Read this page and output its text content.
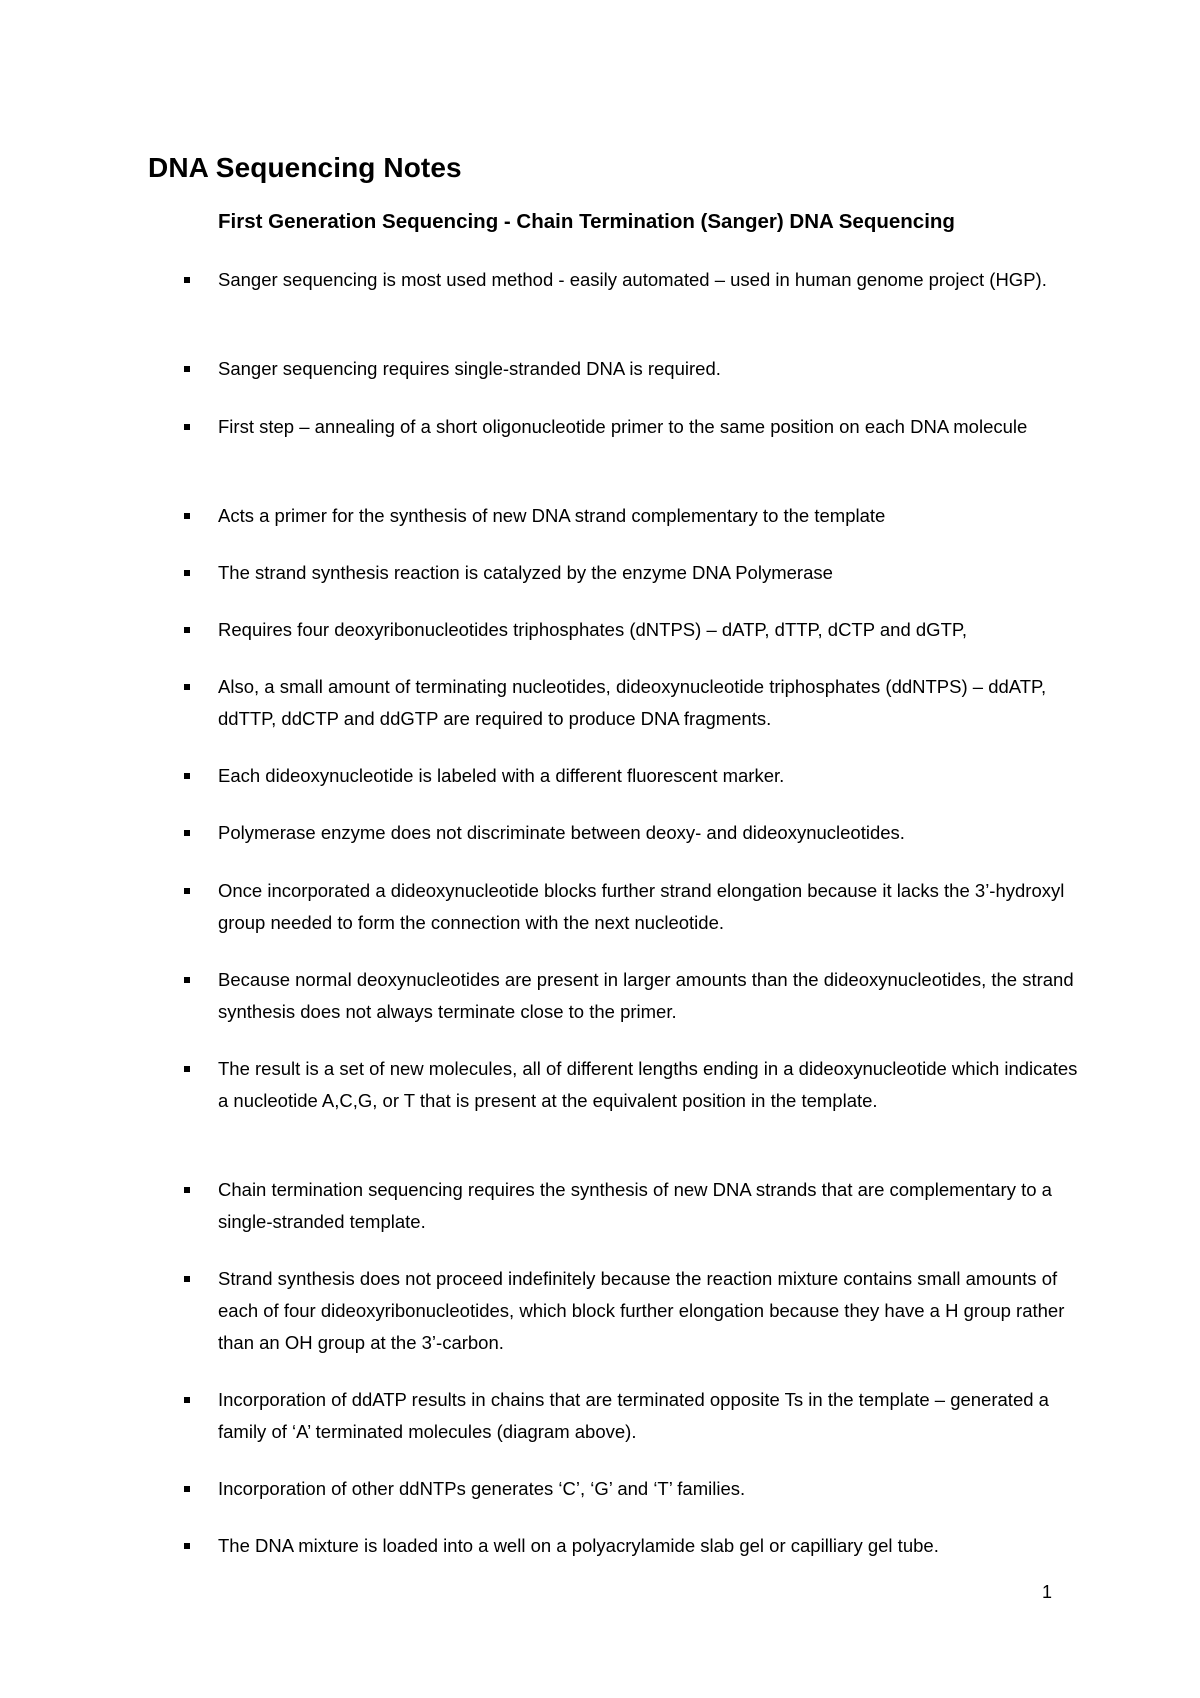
DNA Sequencing Notes
First Generation Sequencing - Chain Termination (Sanger) DNA Sequencing

Sanger sequencing is most used method - easily automated – used in human genome project (HGP).

Sanger sequencing requires single-stranded DNA is required.

First step – annealing of a short oligonucleotide primer to the same position on each DNA molecule

Acts a primer for the synthesis of new DNA strand complementary to the template

The strand synthesis reaction is catalyzed by the enzyme DNA Polymerase

Requires four deoxyribonucleotides triphosphates (dNTPS) – dATP, dTTP, dCTP and dGTP,

Also, a small amount of terminating nucleotides, dideoxynucleotide triphosphates (ddNTPS) – ddATP, ddTTP, ddCTP and ddGTP are required to produce DNA fragments.

Each dideoxynucleotide is labeled with a different fluorescent marker.

Polymerase enzyme does not discriminate between deoxy- and dideoxynucleotides.

Once incorporated a dideoxynucleotide blocks further strand elongation because it lacks the 3’-hydroxyl group needed to form the connection with the next nucleotide.

Because normal deoxynucleotides are present in larger amounts than the dideoxynucleotides, the strand synthesis does not always terminate close to the primer.

The result is a set of new molecules, all of different lengths ending in a dideoxynucleotide which indicates a nucleotide A,C,G, or T that is present at the equivalent position in the template.

Chain termination sequencing requires the synthesis of new DNA strands that are complementary to a single-stranded template.

Strand synthesis does not proceed indefinitely because the reaction mixture contains small amounts of each of four dideoxyribonucleotides, which block further elongation because they have a H group rather than an OH group at the 3’-carbon.

Incorporation of ddATP results in chains that are terminated opposite Ts in the template – generated a family of ‘A’ terminated molecules (diagram above).

Incorporation of other ddNTPs generates ‘C’, ‘G’ and ‘T’ families.

The DNA mixture is loaded into a well on a polyacrylamide slab gel or capilliary gel tube.

1
